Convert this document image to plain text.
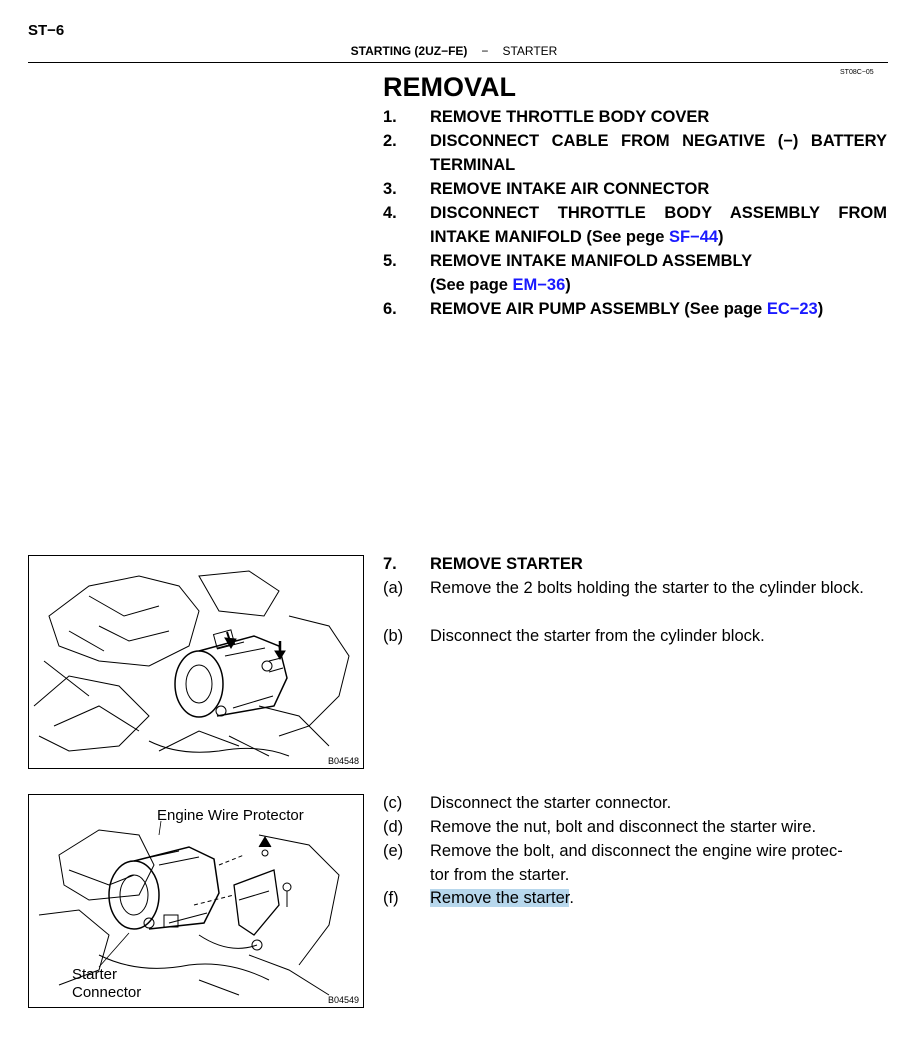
ST−6
STARTING (2UZ−FE) − STARTER
ST08C−05
REMOVAL
1.	REMOVE THROTTLE BODY COVER
2.	DISCONNECT CABLE FROM NEGATIVE (−) BATTERY TERMINAL
3.	REMOVE INTAKE AIR CONNECTOR
4.	DISCONNECT THROTTLE BODY ASSEMBLY FROM INTAKE MANIFOLD (See pege SF−44)
5.	REMOVE INTAKE MANIFOLD ASSEMBLY
(See page EM−36)
6.	REMOVE AIR PUMP ASSEMBLY (See page EC−23)
7.	REMOVE STARTER
(a)	Remove the 2 bolts holding the starter to the cylinder block.
(b)	Disconnect the starter from the cylinder block.
(c)	Disconnect the starter connector.
(d)	Remove the nut, bolt and disconnect the starter wire.
(e)	Remove the bolt, and disconnect the engine wire protec-
tor from the starter.
(f)	Remove the starter.
B04548
Engine Wire Protector
Starter
Connector	B04549
